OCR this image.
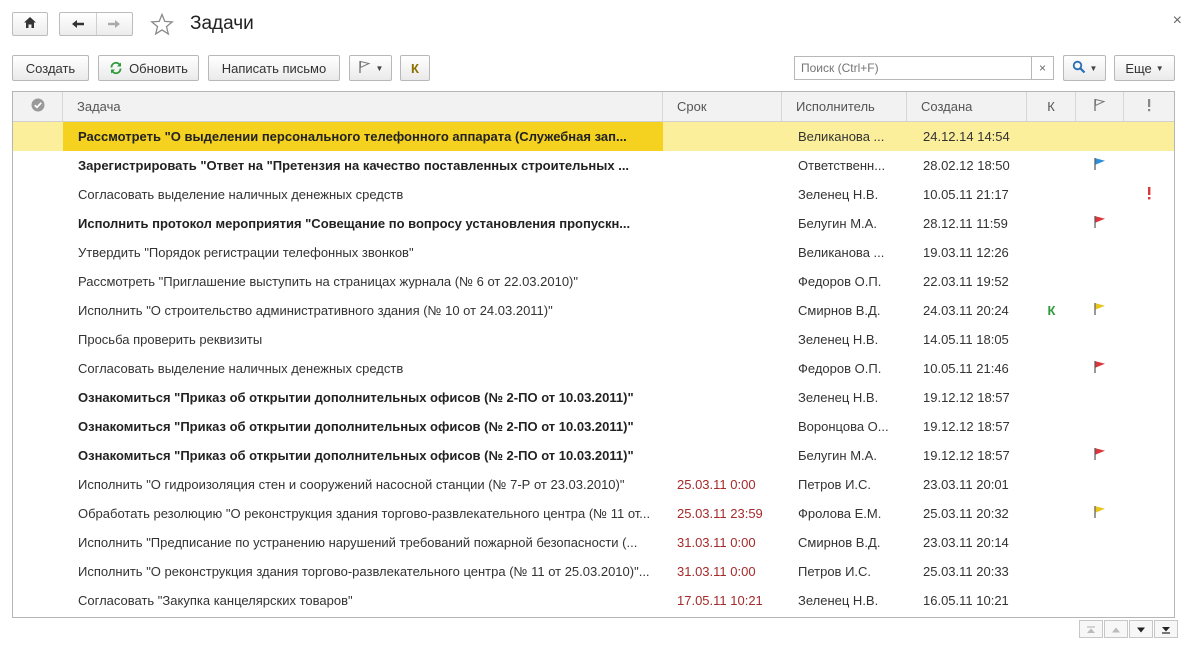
Задачи	×
Создать	Обновить	Написать письмо	▼ К
Поиск (Ctrl+F)	×	▼ Еще ▼
Задача	Срок	Исполнитель	Создана	К
Рассмотреть "О выделении персонального телефонного аппарата (Служебная зап...	Великанова ...	24.12.14 14:54
Зарегистрировать "Ответ на "Претензия на качество поставленных строительных ...	Ответственн...	28.02.12 18:50
Согласовать выделение наличных денежных средств	Зеленец Н.В.	10.05.11 21:17
Исполнить протокол мероприятия "Совещание по вопросу установления пропускн...	Белугин М.А.	28.12.11 11:59
Утвердить "Порядок регистрации телефонных звонков"	Великанова ...	19.03.11 12:26
Рассмотреть "Приглашение выступить на страницах журнала (№ 6 от 22.03.2010)"	Федоров О.П.	22.03.11 19:52
Исполнить "О строительство административного здания (№ 10 от 24.03.2011)"	Смирнов В.Д.	24.03.11 20:24	К
Просьба проверить реквизиты	Зеленец Н.В.	14.05.11 18:05
Согласовать выделение наличных денежных средств	Федоров О.П.	10.05.11 21:46
Ознакомиться "Приказ об открытии дополнительных офисов (№ 2-ПО от 10.03.2011)"	Зеленец Н.В.	19.12.12 18:57
Ознакомиться "Приказ об открытии дополнительных офисов (№ 2-ПО от 10.03.2011)"	Воронцова О...	19.12.12 18:57
Ознакомиться "Приказ об открытии дополнительных офисов (№ 2-ПО от 10.03.2011)"	Белугин М.А.	19.12.12 18:57
Исполнить "О гидроизоляция стен и сооружений насосной станции (№ 7-Р от 23.03.2010)"	25.03.11 0:00	Петров И.С.	23.03.11 20:01
Обработать резолюцию "О реконструкция здания торгово-развлекательного центра (№ 11 от...	25.03.11 23:59	Фролова Е.М.	25.03.11 20:32
Исполнить "Предписание по устранению нарушений требований пожарной безопасности (...	31.03.11 0:00	Смирнов В.Д.	23.03.11 20:14
Исполнить "О реконструкция здания торгово-развлекательного центра (№ 11 от 25.03.2010)"...	31.03.11 0:00	Петров И.С.	25.03.11 20:33
Согласовать "Закупка канцелярских товаров"	17.05.11 10:21	Зеленец Н.В.	16.05.11 10:21
